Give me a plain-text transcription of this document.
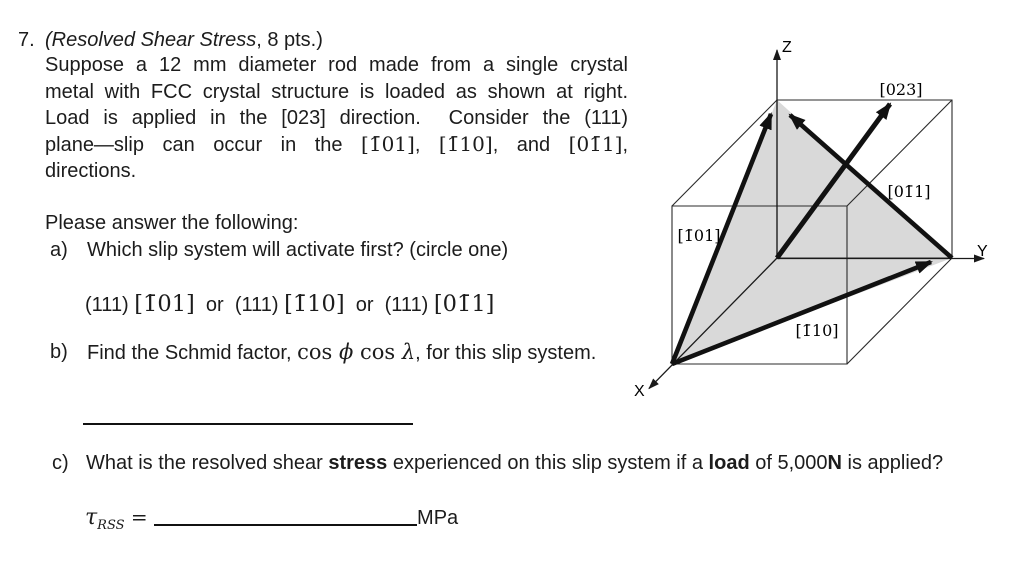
7. (Resolved Shear Stress, 8 pts.)
Suppose a 12 mm diameter rod made from a single crystal
metal with FCC crystal structure is loaded as shown at right.
Load is applied in the [023] direction.  Consider the (111)
plane—slip can occur in the [1̄01], [1̄10], and [01̄1],
directions.
Please answer the following:
a) Which slip system will activate first? (circle one)
(111) [1̄01]  or  (111) [1̄10]  or  (111) [01̄1]
b) Find the Schmid factor, cos ϕ cos λ, for this slip system.
c) What is the resolved shear stress experienced on this slip system if a load of 5,000N is applied?
$\tau_{RSS}$ =	MPa
Z
Y
X
[023]
[01̄1]
[1̄01]
[1̄10]
